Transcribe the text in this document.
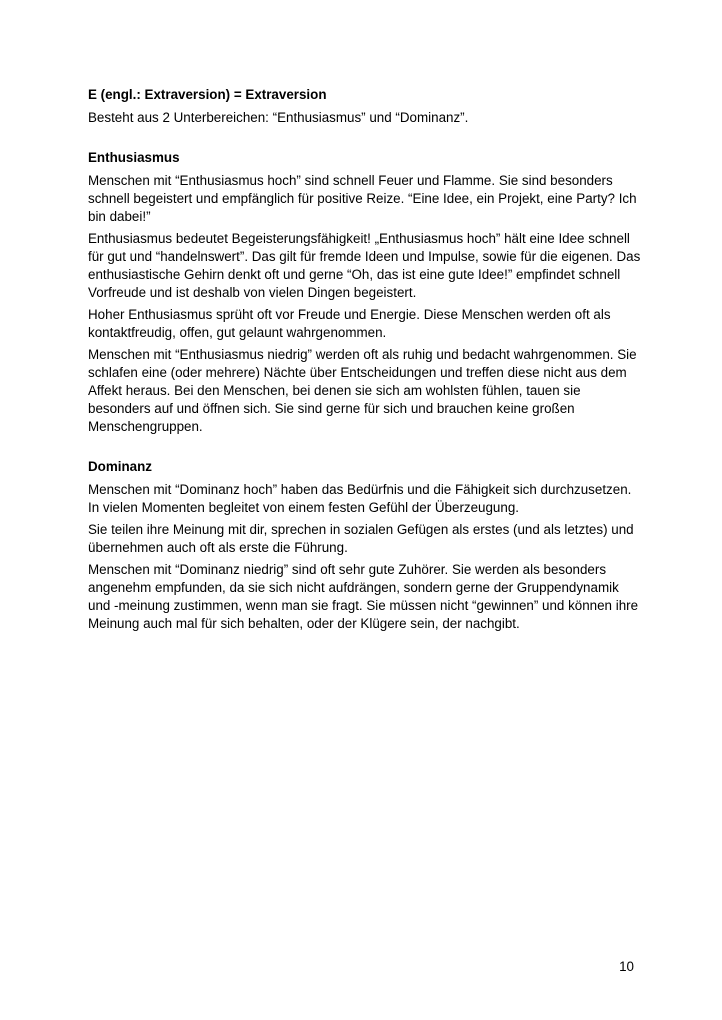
E (engl.: Extraversion) = Extraversion

Besteht aus 2 Unterbereichen: “Enthusiasmus” und “Dominanz”.

Enthusiasmus

Menschen mit “Enthusiasmus hoch” sind schnell Feuer und Flamme. Sie sind besonders schnell begeistert und empfänglich für positive Reize. “Eine Idee, ein Projekt, eine Party? Ich bin dabei!”

Enthusiasmus bedeutet Begeisterungsfähigkeit! „Enthusiasmus hoch” hält eine Idee schnell für gut und “handelnswert”. Das gilt für fremde Ideen und Impulse, sowie für die eigenen. Das enthusiastische Gehirn denkt oft und gerne “Oh, das ist eine gute Idee!” empfindet schnell Vorfreude und ist deshalb von vielen Dingen begeistert.

Hoher Enthusiasmus sprüht oft vor Freude und Energie. Diese Menschen werden oft als kontaktfreudig, offen, gut gelaunt wahrgenommen.

Menschen mit “Enthusiasmus niedrig” werden oft als ruhig und bedacht wahrgenommen. Sie schlafen eine (oder mehrere) Nächte über Entscheidungen und treffen diese nicht aus dem Affekt heraus. Bei den Menschen, bei denen sie sich am wohlsten fühlen, tauen sie besonders auf und öffnen sich. Sie sind gerne für sich und brauchen keine großen Menschengruppen.

Dominanz

Menschen mit “Dominanz hoch” haben das Bedürfnis und die Fähigkeit sich durchzusetzen. In vielen Momenten begleitet von einem festen Gefühl der Überzeugung.

Sie teilen ihre Meinung mit dir, sprechen in sozialen Gefügen als erstes (und als letztes) und übernehmen auch oft als erste die Führung.

Menschen mit “Dominanz niedrig” sind oft sehr gute Zuhörer. Sie werden als besonders angenehm empfunden, da sie sich nicht aufdrängen, sondern gerne der Gruppendynamik und -meinung zustimmen, wenn man sie fragt. Sie müssen nicht “gewinnen” und können ihre Meinung auch mal für sich behalten, oder der Klügere sein, der nachgibt.

10
